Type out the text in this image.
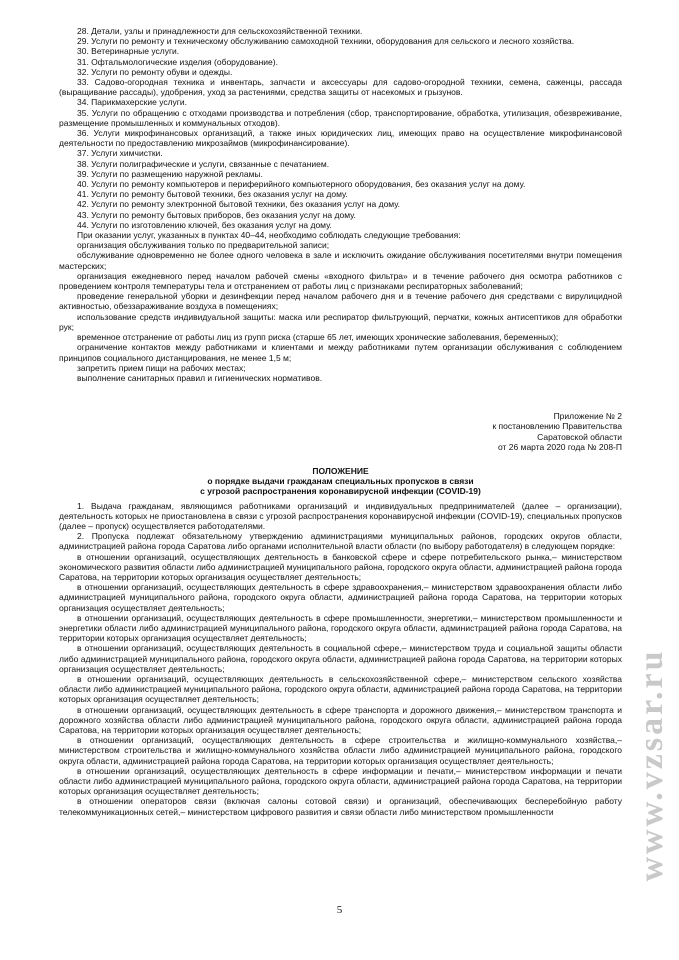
28. Детали, узлы и принадлежности для сельскохозяйственной техники.

29. Услуги по ремонту и техническому обслуживанию самоходной техники, оборудования для сельского и лесного хозяйства.

30. Ветеринарные услуги.

31. Офтальмологические изделия (оборудование).

32. Услуги по ремонту обуви и одежды.

33. Садово-огородная техника и инвентарь, запчасти и аксессуары для садово-огородной техники, семена, саженцы, рассада (выращивание рассады), удобрения, уход за растениями, средства защиты от насекомых и грызунов.

34. Парикмахерские услуги.

35. Услуги по обращению с отходами производства и потребления (сбор, транспортирование, обработка, утилизация, обезвреживание, размещение промышленных и коммунальных отходов).

36. Услуги микрофинансовых организаций, а также иных юридических лиц, имеющих право на осуществление микрофинансовой деятельности по предоставлению микрозаймов (микрофинансирование).

37. Услуги химчистки.

38. Услуги полиграфические и услуги, связанные с печатанием.

39. Услуги по размещению наружной рекламы.

40. Услуги по ремонту компьютеров и периферийного компьютерного оборудования, без оказания услуг на дому.

41. Услуги по ремонту бытовой техники, без оказания услуг на дому.

42. Услуги по ремонту электронной бытовой техники, без оказания услуг на дому.

43. Услуги по ремонту бытовых приборов, без оказания услуг на дому.

44. Услуги по изготовлению ключей, без оказания услуг на дому.

При оказании услуг, указанных в пунктах 40–44, необходимо соблюдать следующие требования:

организация обслуживания только по предварительной записи;

обслуживание одновременно не более одного человека в зале и исключить ожидание обслуживания посетителями внутри помещения мастерских;

организация ежедневного перед началом рабочей смены «входного фильтра» и в течение рабочего дня осмотра работников с проведением контроля температуры тела и отстранением от работы лиц с признаками респираторных заболеваний;

проведение генеральной уборки и дезинфекции перед началом рабочего дня и в течение рабочего дня средствами с вирулицидной активностью, обеззараживание воздуха в помещениях;

использование средств индивидуальной защиты: маска или респиратор фильтрующий, перчатки, кожных антисептиков для обработки рук;

временное отстранение от работы лиц из групп риска (старше 65 лет, имеющих хронические заболевания, беременных);

ограничение контактов между работниками и клиентами и между работниками путем организации обслуживания с соблюдением принципов социального дистанцирования, не менее 1,5 м;

запретить прием пищи на рабочих местах;

выполнение санитарных правил и гигиенических нормативов.

Приложение № 2
к постановлению Правительства
Саратовской области
от 26 марта 2020 года № 208-П
ПОЛОЖЕНИЕ
о порядке выдачи гражданам специальных пропусков в связи
с угрозой распространения коронавирусной инфекции (COVID-19)

1. Выдача гражданам, являющимся работниками организаций и индивидуальных предпринимателей (далее – организации), деятельность которых не приостановлена в связи с угрозой распространения коронавирусной инфекции (COVID-19), специальных пропусков (далее – пропуск) осуществляется работодателями.

2. Пропуска подлежат обязательному утверждению администрациями муниципальных районов, городских округов области, администрацией района города Саратова либо органами исполнительной власти области (по выбору работодателя) в следующем порядке:

в отношении организаций, осуществляющих деятельность в банковской сфере и сфере потребительского рынка,– министерством экономического развития области либо администрацией муниципального района, городского округа области, администрацией района города Саратова, на территории которых организация осуществляет деятельность;

в отношении организаций, осуществляющих деятельность в сфере здравоохранения,– министерством здравоохранения области либо администрацией муниципального района, городского округа области, администрацией района города Саратова, на территории которых организация осуществляет деятельность;

в отношении организаций, осуществляющих деятельность в сфере промышленности, энергетики,– министерством промышленности и энергетики области либо администрацией муниципального района, городского округа области, администрацией района города Саратова, на территории которых организация осуществляет деятельность;

в отношении организаций, осуществляющих деятельность в социальной сфере,– министерством труда и социальной защиты области либо администрацией муниципального района, городского округа области, администрацией района города Саратова, на территории которых организация осуществляет деятельность;

в отношении организаций, осуществляющих деятельность в сельскохозяйственной сфере,– министерством сельского хозяйства области либо администрацией муниципального района, городского округа области, администрацией района города Саратова, на территории которых организация осуществляет деятельность;

в отношении организаций, осуществляющих деятельность в сфере транспорта и дорожного движения,– министерством транспорта и дорожного хозяйства области либо администрацией муниципального района, городского округа области, администрацией района города Саратова, на территории которых организация осуществляет деятельность;

в отношении организаций, осуществляющих деятельность в сфере строительства и жилищно-коммунального хозяйства,– министерством строительства и жилищно-коммунального хозяйства области либо администрацией муниципального района, городского округа области, администрацией района города Саратова, на территории которых организация осуществляет деятельность;

в отношении организаций, осуществляющих деятельность в сфере информации и печати,– министерством информации и печати области либо администрацией муниципального района, городского округа области, администрацией района города Саратова, на территории которых организация осуществляет деятельность;

в отношении операторов связи (включая салоны сотовой связи) и организаций, обеспечивающих бесперебойную работу телекоммуникационных сетей,– министерством цифрового развития и связи области либо министерством промышленности

5
www.vzsar.ru
